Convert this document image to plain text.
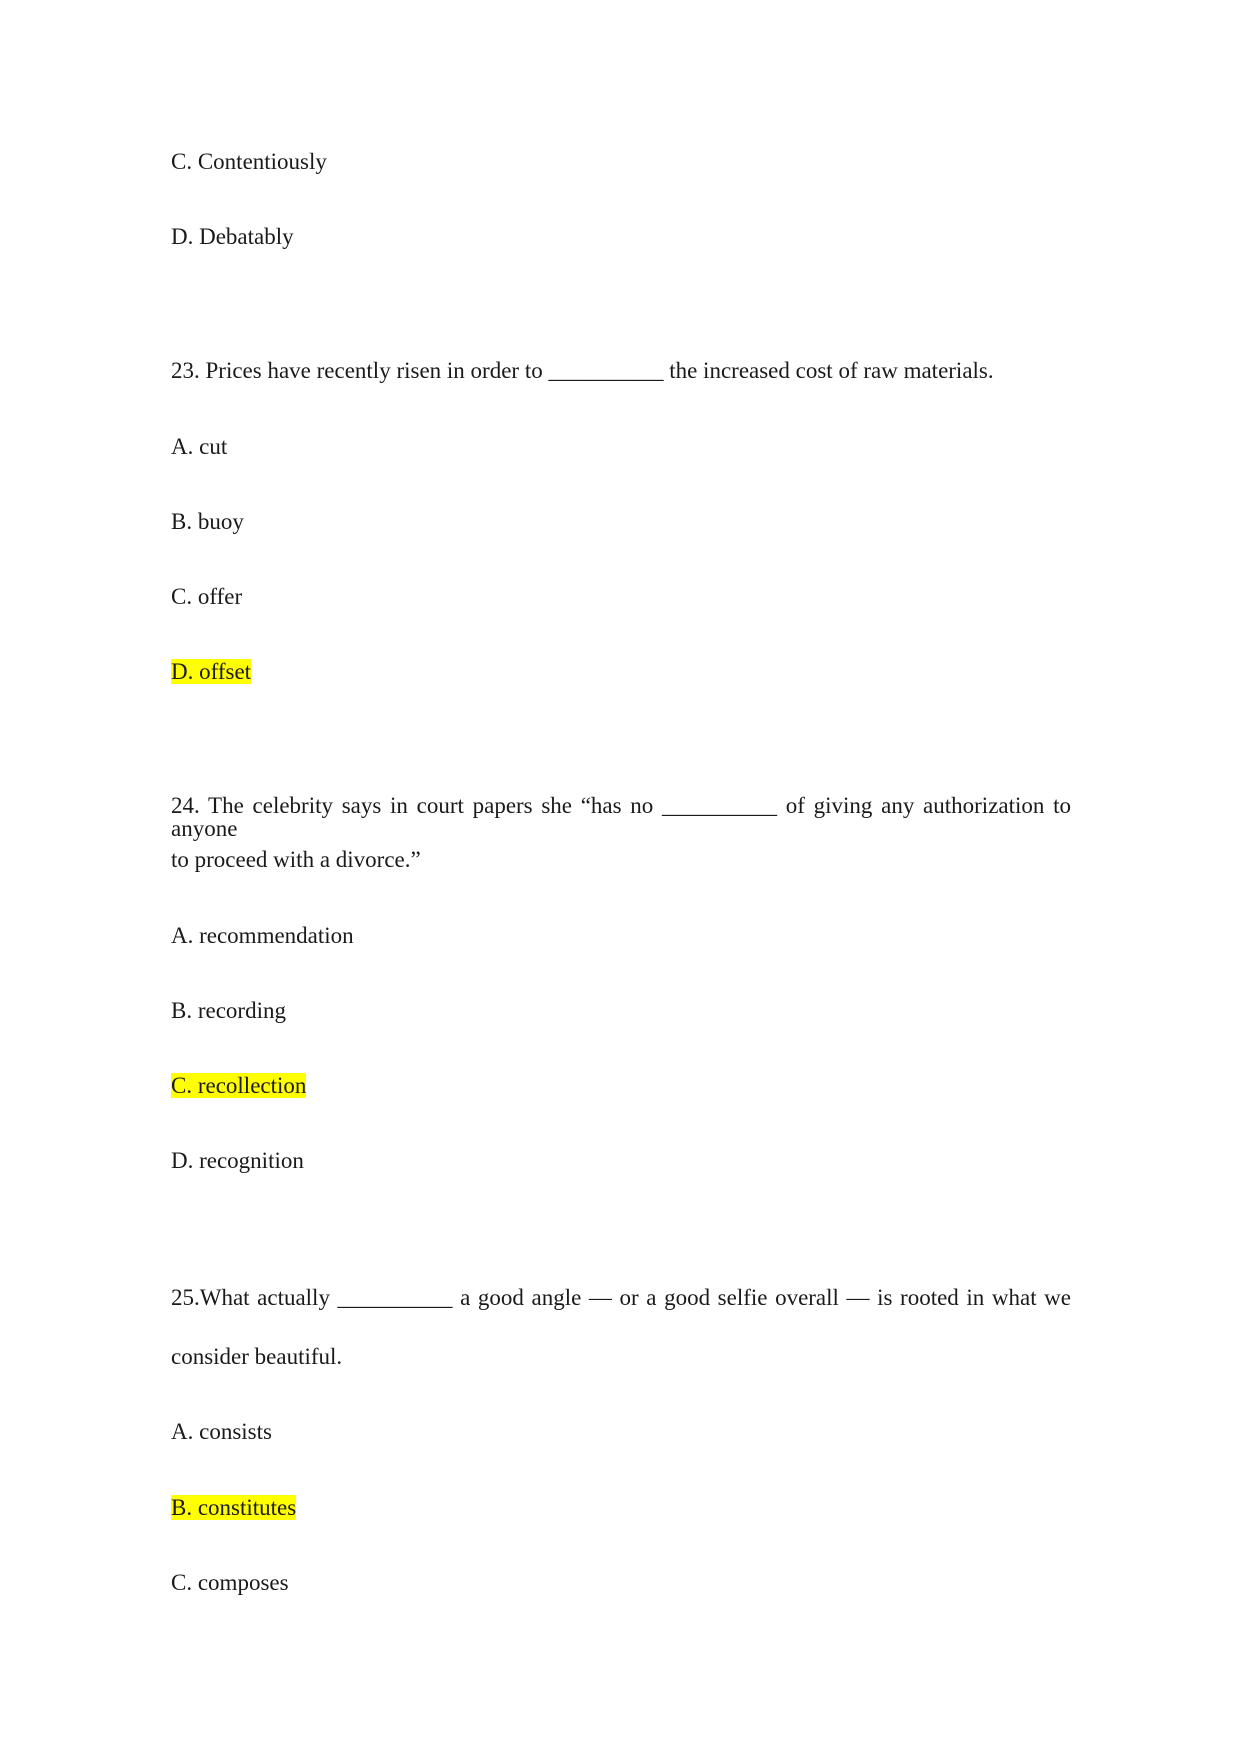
C. Contentiously
D. Debatably
23. Prices have recently risen in order to __________ the increased cost of raw materials.
A. cut
B. buoy
C. offer
D. offset
24. The celebrity says in court papers she “has no __________ of giving any authorization to anyone
to proceed with a divorce.”
A. recommendation
B. recording
C. recollection
D. recognition
25.What actually __________ a good angle — or a good selfie overall — is rooted in what we
consider beautiful.
A. consists
B. constitutes
C. composes
